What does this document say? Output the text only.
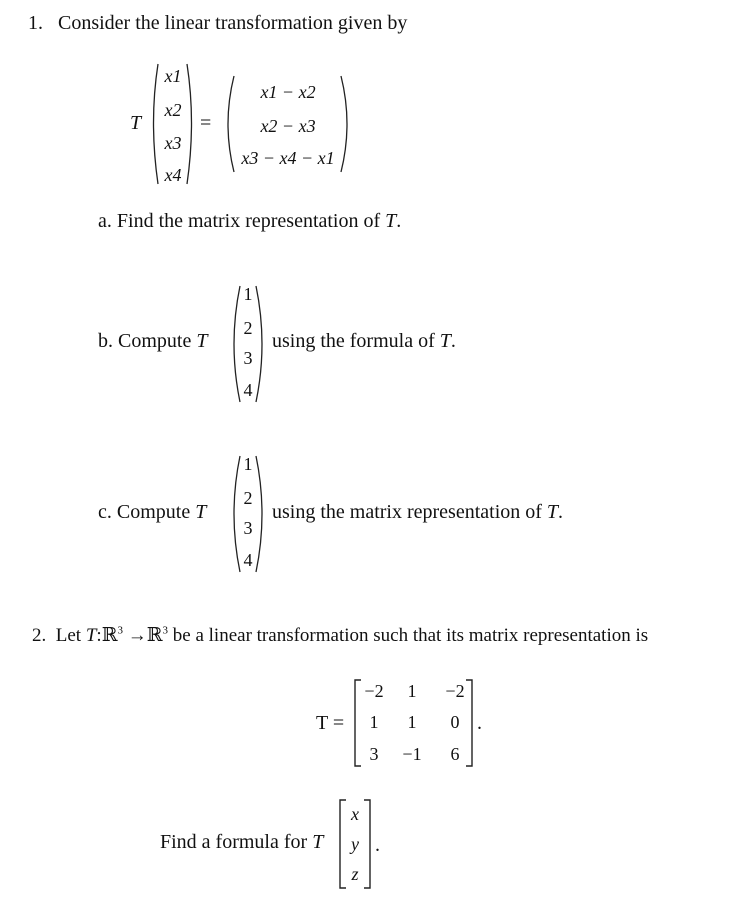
1. Consider the linear transformation given by
T
x1
x2
x3
x4
=
x1 − x2
x2 − x3
x3 − x4 − x1
a. Find the matrix representation of T.
b. Compute T
1
2
3
4
using the formula of T.
c. Compute T
1
2
3
4
using the matrix representation of T.
2. Let T:ℝ$^3$ →ℝ$^3$ be a linear transformation such that its matrix representation is
T =
−2	1	−2
1	1	0
3	−1	6
.
Find a formula for T
x
y
z
.
